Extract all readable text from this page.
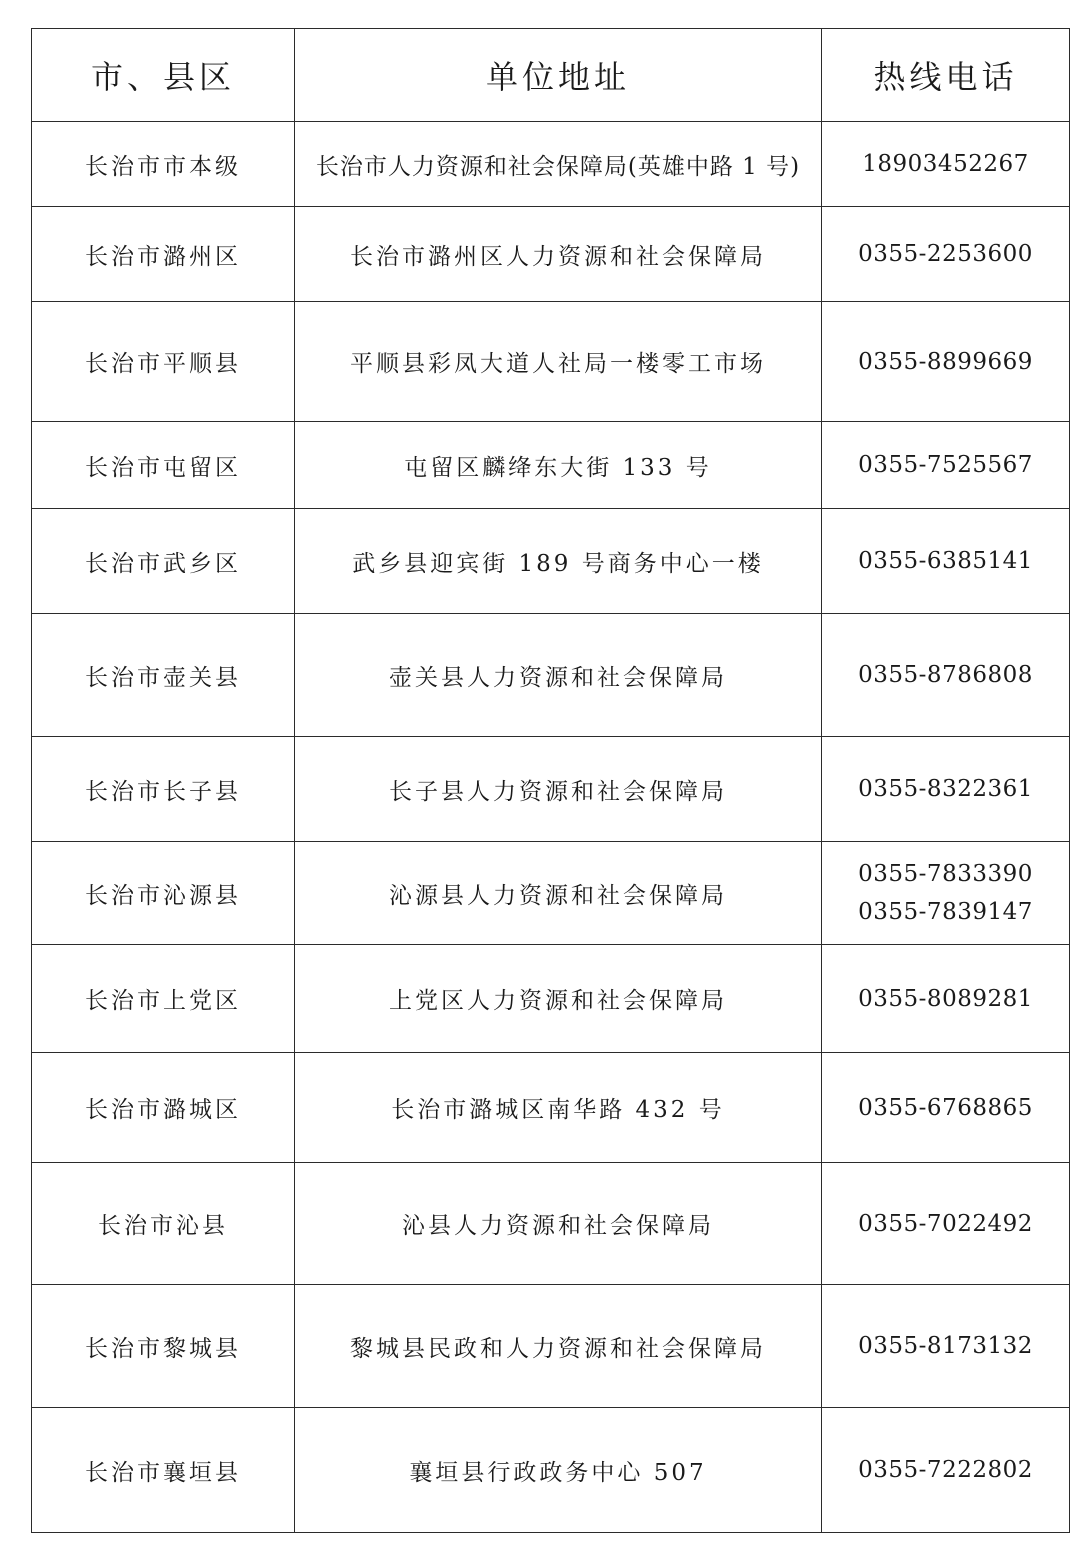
市、县区	单位地址	热线电话
长治市市本级	长治市人力资源和社会保障局(英雄中路 1 号)	18903452267

长治市潞州区	长治市潞州区人力资源和社会保障局	0355-2253600

长治市平顺县	平顺县彩凤大道人社局一楼零工市场	0355-8899669

长治市屯留区	屯留区麟绛东大街 133 号	0355-7525567

长治市武乡区	武乡县迎宾街 189 号商务中心一楼	0355-6385141

长治市壶关县	壶关县人力资源和社会保障局	0355-8786808

长治市长子县	长子县人力资源和社会保障局	0355-8322361

长治市沁源县	沁源县人力资源和社会保障局	0355-7833390
0355-7839147

长治市上党区	上党区人力资源和社会保障局	0355-8089281

长治市潞城区	长治市潞城区南华路 432 号	0355-6768865

长治市沁县	沁县人力资源和社会保障局	0355-7022492

长治市黎城县	黎城县民政和人力资源和社会保障局	0355-8173132

长治市襄垣县	襄垣县行政政务中心 507	0355-7222802
